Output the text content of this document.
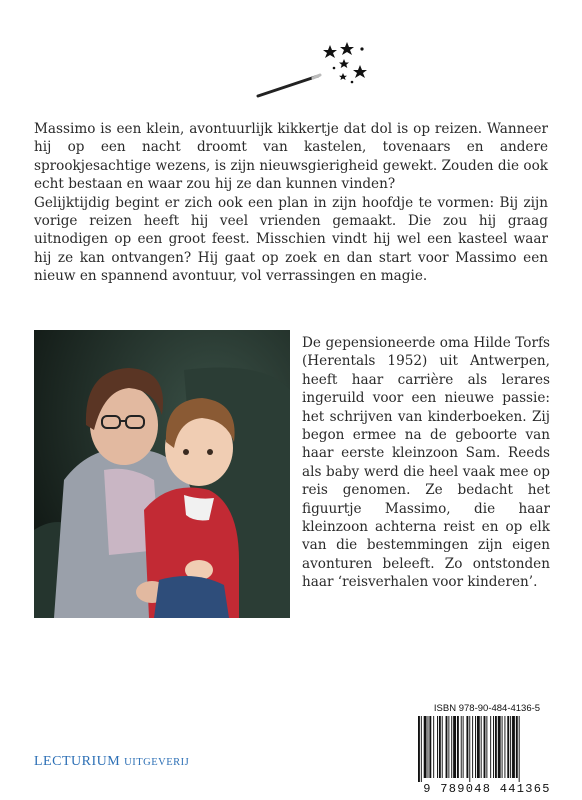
Massimo is een klein, avontuurlijk kikkertje dat dol is op reizen. Wanneer hij op een nacht droomt van kastelen, tovenaars en andere sprookjesachtige wezens, is zijn nieuwsgierigheid gewekt. Zouden die ook echt bestaan en waar zou hij ze dan kunnen vinden?

Gelijktijdig begint er zich ook een plan in zijn hoofdje te vormen: Bij zijn vorige reizen heeft hij veel vrienden gemaakt. Die zou hij graag uitnodigen op een groot feest. Misschien vindt hij wel een kasteel waar hij ze kan ontvangen? Hij gaat op zoek en dan start voor Massimo een nieuw en spannend avontuur, vol verrassingen en magie.

De gepensioneerde oma Hilde Torfs (Herentals 1952) uit Antwerpen, heeft haar carrière als lerares ingeruild voor een nieuwe passie: het schrijven van kinderboeken. Zij begon ermee na de geboorte van haar eerste kleinzoon Sam. Reeds als baby werd die heel vaak mee op reis genomen. Ze bedacht het figuurtje Massimo, die haar kleinzoon achterna reist en op elk van die bestemmingen zijn eigen avonturen beleeft. Zo ontstonden haar ‘reisverhalen voor kinderen’.
LECTURIUM UITGEVERIJ
ISBN 978-90-484-4136-5
9 789048 441365
